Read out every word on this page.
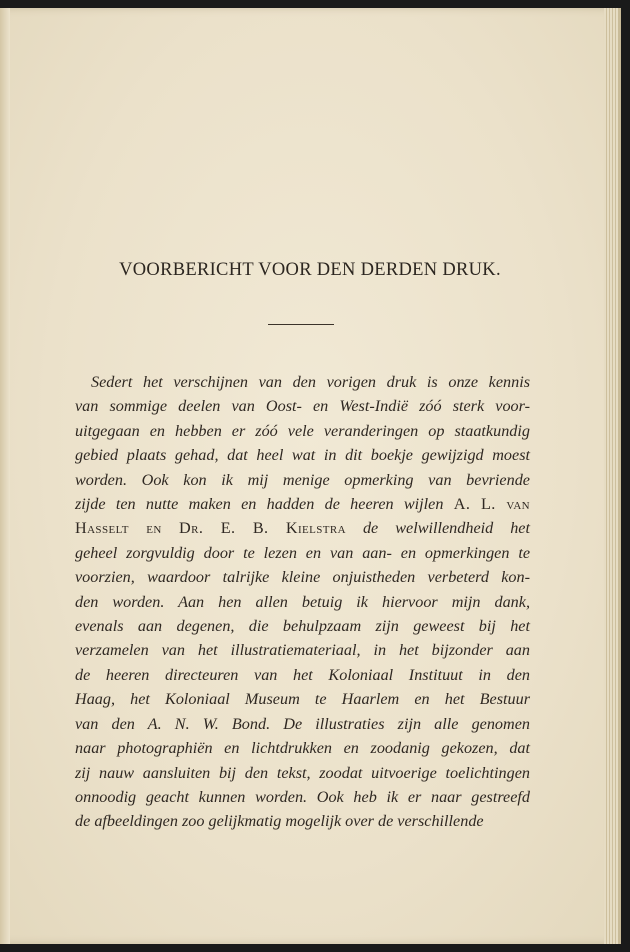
VOORBERICHT VOOR DEN DERDEN DRUK.
Sedert het verschijnen van den vorigen druk is onze kennis
van sommige deelen van Oost- en West-Indië zóó sterk voor-
uitgegaan en hebben er zóó vele veranderingen op staatkundig
gebied plaats gehad, dat heel wat in dit boekje gewijzigd moest
worden. Ook kon ik mij menige opmerking van bevriende
zijde ten nutte maken en hadden de heeren wijlen A. L. van
Hasselt en Dr. E. B. Kielstra de welwillendheid het
geheel zorgvuldig door te lezen en van aan- en opmerkingen te
voorzien, waardoor talrijke kleine onjuistheden verbeterd kon-
den worden. Aan hen allen betuig ik hiervoor mijn dank,
evenals aan degenen, die behulpzaam zijn geweest bij het
verzamelen van het illustratiemateriaal, in het bijzonder aan
de heeren directeuren van het Koloniaal Instituut in den
Haag, het Koloniaal Museum te Haarlem en het Bestuur
van den A. N. W. Bond. De illustraties zijn alle genomen
naar photographiën en lichtdrukken en zoodanig gekozen, dat
zij nauw aansluiten bij den tekst, zoodat uitvoerige toelichtingen
onnoodig geacht kunnen worden. Ook heb ik er naar gestreefd
de afbeeldingen zoo gelijkmatig mogelijk over de verschillende
